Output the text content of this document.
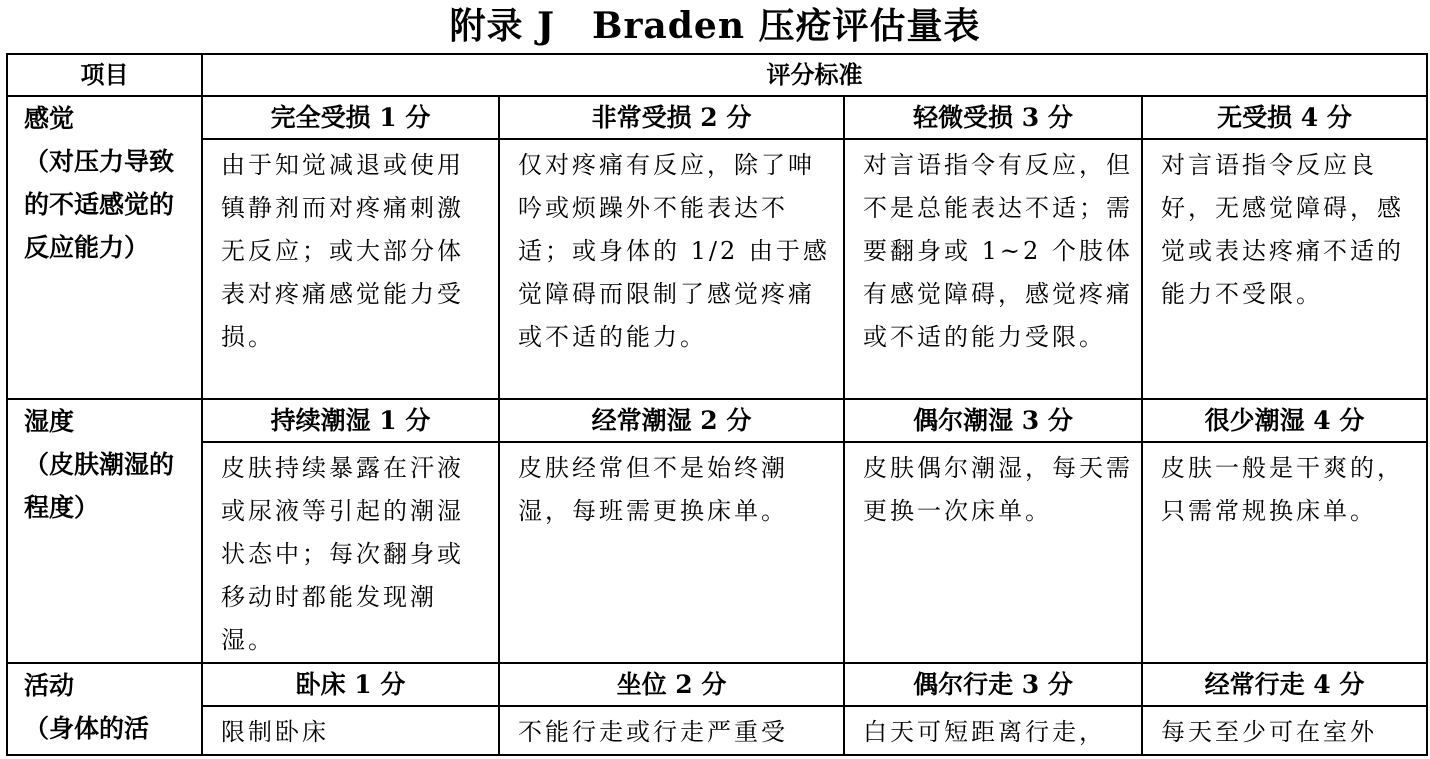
附录 J　Braden 压疮评估量表
项目	评分标准			

感觉
（对压力导致的不适感觉的反应能力）	完全受损 1 分	非常受损 2 分	轻微受损 3 分	无受损 4 分
	由于知觉减退或使用镇静剂而对疼痛刺激无反应；或大部分体表对疼痛感觉能力受损。	仅对疼痛有反应，除了呻吟或烦躁外不能表达不适；或身体的 1/2 由于感觉障碍而限制了感觉疼痛或不适的能力。	对言语指令有反应，但不是总能表达不适；需要翻身或 1~2 个肢体有感觉障碍，感觉疼痛或不适的能力受限。	对言语指令反应良好，无感觉障碍，感觉或表达疼痛不适的能力不受限。

湿度
（皮肤潮湿的程度）	持续潮湿 1 分	经常潮湿 2 分	偶尔潮湿 3 分	很少潮湿 4 分
	皮肤持续暴露在汗液或尿液等引起的潮湿状态中；每次翻身或移动时都能发现潮湿。	皮肤经常但不是始终潮湿，每班需更换床单。	皮肤偶尔潮湿，每天需更换一次床单。	皮肤一般是干爽的，只需常规换床单。

活动
（身体的活	卧床 1 分	坐位 2 分	偶尔行走 3 分	经常行走 4 分
	限制卧床	不能行走或行走严重受	白天可短距离行走，	每天至少可在室外
